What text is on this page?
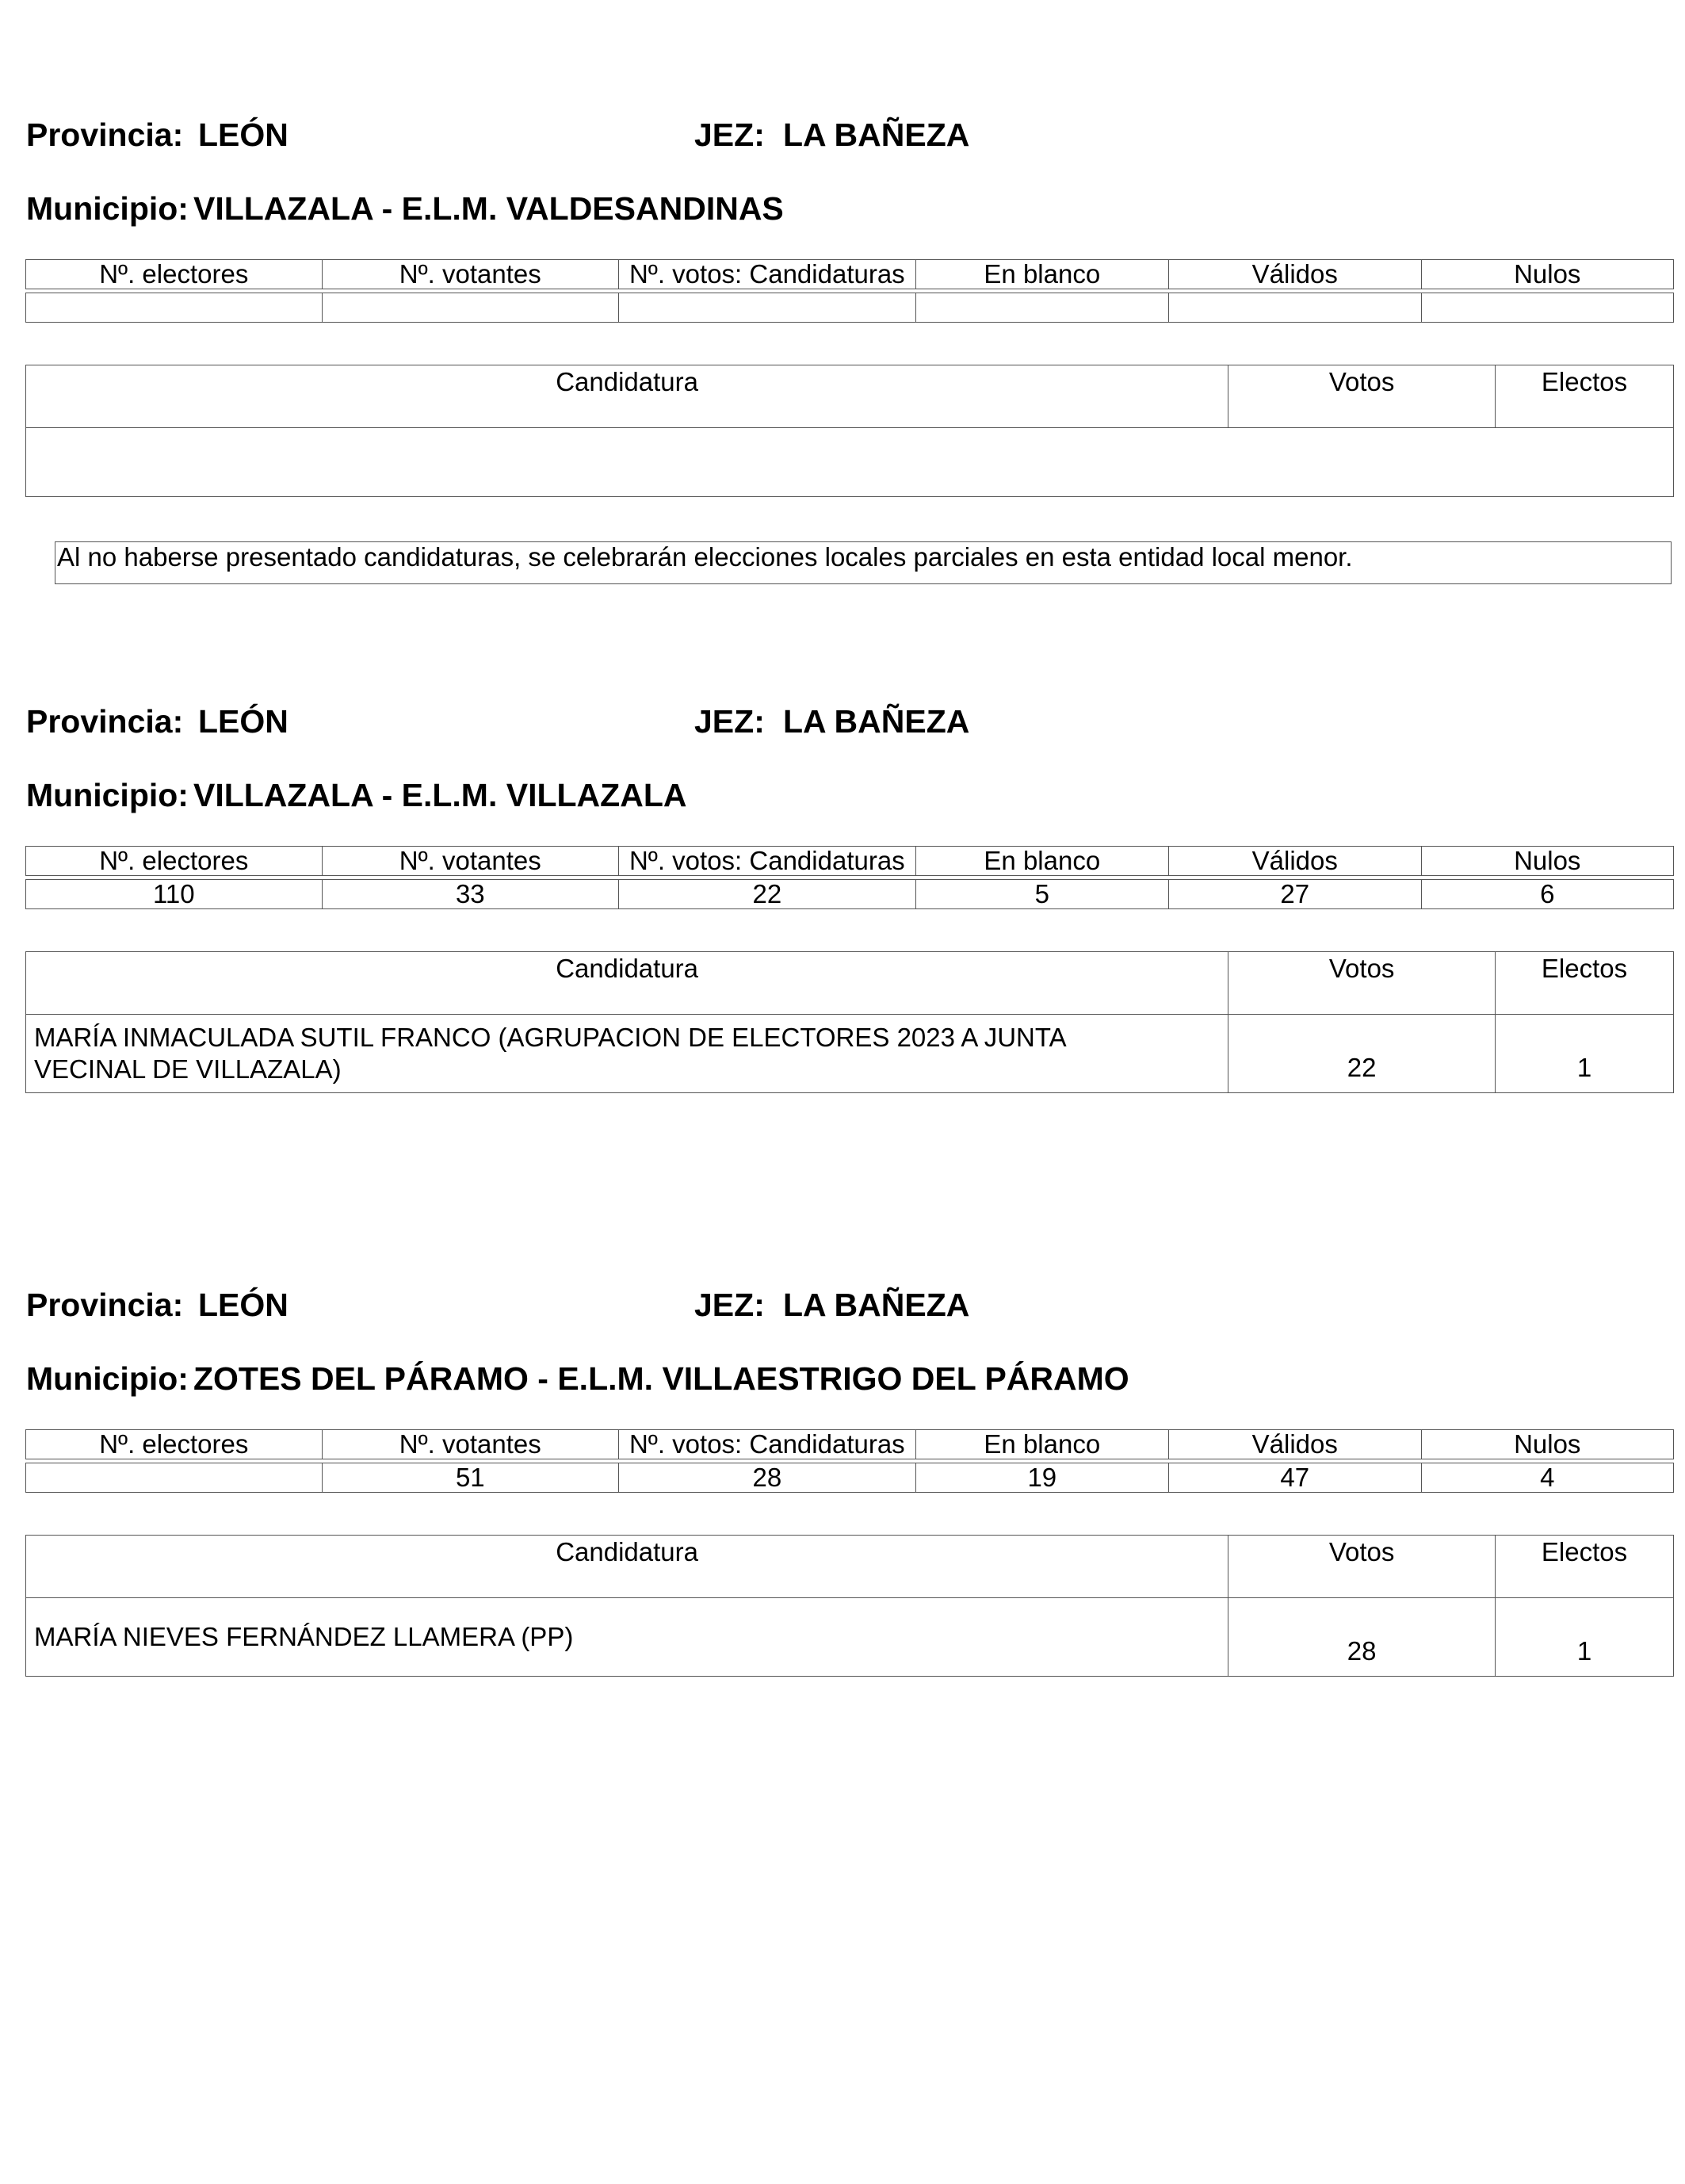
Provincia: LEÓN	JEZ: LA BAÑEZA
Municipio: VILLAZALA - E.L.M. VALDESANDINAS
Nº. electores	Nº. votantes	Nº. votos: Candidaturas	En blanco	Válidos	Nulos

Candidatura	Votos	Electos

Al no haberse presentado candidaturas, se celebrarán elecciones locales parciales en esta entidad local menor.
Provincia: LEÓN	JEZ: LA BAÑEZA
Municipio: VILLAZALA - E.L.M. VILLAZALA
Nº. electores	Nº. votantes	Nº. votos: Candidaturas	En blanco	Válidos	Nulos

110	33	22	5	27	6
Candidatura	Votos	Electos
MARÍA INMACULADA SUTIL FRANCO (AGRUPACION DE ELECTORES 2023 A JUNTA VECINAL DE VILLAZALA)	22	1
Provincia: LEÓN	JEZ: LA BAÑEZA
Municipio: ZOTES DEL PÁRAMO - E.L.M. VILLAESTRIGO DEL PÁRAMO
Nº. electores	Nº. votantes	Nº. votos: Candidaturas	En blanco	Válidos	Nulos

	51	28	19	47	4
Candidatura	Votos	Electos
MARÍA NIEVES FERNÁNDEZ LLAMERA (PP)	28	1
